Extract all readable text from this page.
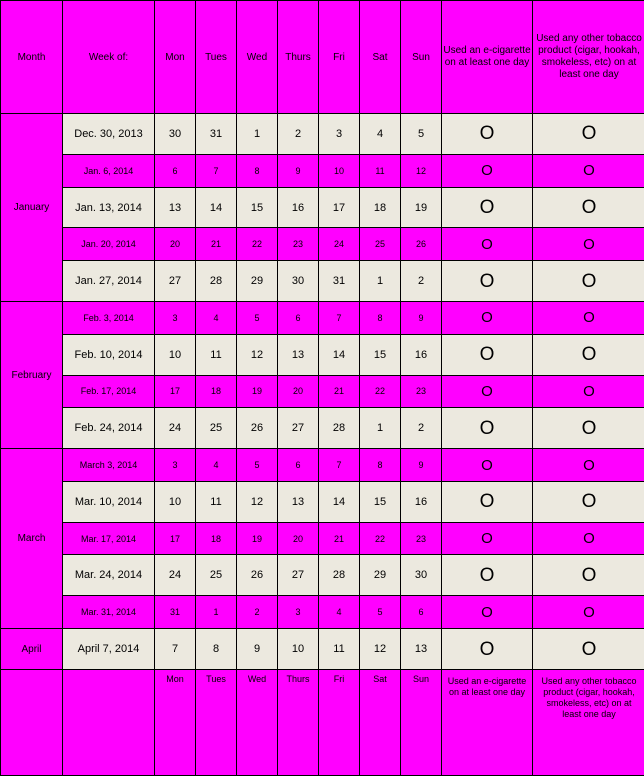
Month	Week of:	Mon	Tues	Wed	Thurs	Fri	Sat	Sun	Used an e-cigarette on at least one day	Used any other tobacco product (cigar, hookah, smokeless, etc) on at least one day
January	Dec. 30, 2013	30	31	1	2	3	4	5	O	O
	Jan. 6, 2014	6	7	8	9	10	11	12	O	O
	Jan. 13, 2014	13	14	15	16	17	18	19	O	O
	Jan. 20, 2014	20	21	22	23	24	25	26	O	O
	Jan. 27, 2014	27	28	29	30	31	1	2	O	O
February	Feb. 3, 2014	3	4	5	6	7	8	9	O	O
	Feb. 10, 2014	10	11	12	13	14	15	16	O	O
	Feb. 17, 2014	17	18	19	20	21	22	23	O	O
	Feb. 24, 2014	24	25	26	27	28	1	2	O	O
March	March 3, 2014	3	4	5	6	7	8	9	O	O
	Mar. 10, 2014	10	11	12	13	14	15	16	O	O
	Mar. 17, 2014	17	18	19	20	21	22	23	O	O
	Mar. 24, 2014	24	25	26	27	28	29	30	O	O
	Mar. 31, 2014	31	1	2	3	4	5	6	O	O
April	April 7, 2014	7	8	9	10	11	12	13	O	O
		Mon	Tues	Wed	Thurs	Fri	Sat	Sun	Used an e-cigarette on at least one day	Used any other tobacco product (cigar, hookah, smokeless, etc) on at least one day
